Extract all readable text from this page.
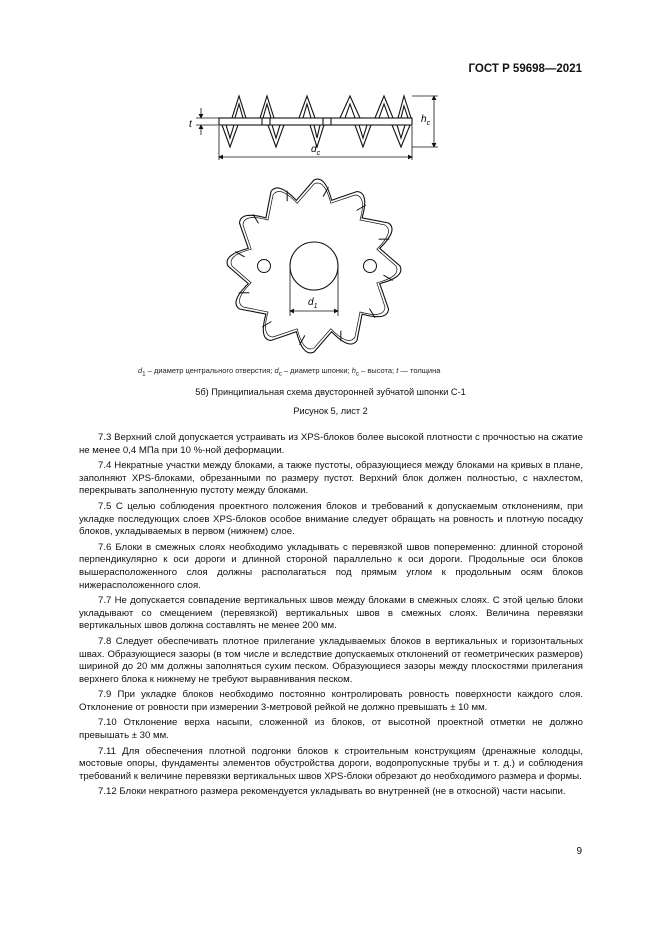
ГОСТ Р 59698—2021
t	$h_c$
$d_c$
$d_1$
$d_1$ – диаметр центрального отверстия; $d_c$ – диаметр шпонки; $h_c$ – высота; t — толщина
5б) Принципиальная схема двусторонней зубчатой шпонки С-1
Рисунок 5, лист 2

7.3 Верхний слой допускается устраивать из XPS-блоков более высокой плотности с прочностью на сжатие не менее 0,4 МПа при 10 %-ной деформации.

7.4 Некратные участки между блоками, а также пустоты, образующиеся между блоками на кривых в плане, заполняют XPS-блоками, обрезанными по размеру пустот. Верхний блок должен полностью, с нахлестом, перекрывать заполненную пустоту между блоками.

7.5 С целью соблюдения проектного положения блоков и требований к допускаемым отклонениям, при укладке последующих слоев XPS-блоков особое внимание следует обращать на ровность и плотную посадку блоков, укладываемых в первом (нижнем) слое.

7.6 Блоки в смежных слоях необходимо укладывать с перевязкой швов попеременно: длинной стороной перпендикулярно к оси дороги и длинной стороной параллельно к оси дороги. Продольные оси блоков вышерасположенного слоя должны располагаться под прямым углом к продольным осям блоков нижерасположенного слоя.

7.7 Не допускается совпадение вертикальных швов между блоками в смежных слоях. С этой целью блоки укладывают со смещением (перевязкой) вертикальных швов в смежных слоях. Величина перевязки вертикальных швов должна составлять не менее 200 мм.

7.8 Следует обеспечивать плотное прилегание укладываемых блоков в вертикальных и горизонтальных швах. Образующиеся зазоры (в том числе и вследствие допускаемых отклонений от геометрических размеров) шириной до 20 мм должны заполняться сухим песком. Образующиеся зазоры между плоскостями прилегания верхнего блока к нижнему не требуют выравнивания песком.

7.9 При укладке блоков необходимо постоянно контролировать ровность поверхности каждого слоя. Отклонение от ровности при измерении 3-метровой рейкой не должно превышать ± 10 мм.

7.10 Отклонение верха насыпи, сложенной из блоков, от высотной проектной отметки не должно превышать ± 30 мм.

7.11 Для обеспечения плотной подгонки блоков к строительным конструкциям (дренажные колодцы, мостовые опоры, фундаменты элементов обустройства дороги, водопропускные трубы и т. д.) и соблюдения требований к величине перевязки вертикальных швов XPS-блоки обрезают до необходимого размера и формы.

7.12 Блоки некратного размера рекомендуется укладывать во внутренней (не в откосной) части насыпи.

9
